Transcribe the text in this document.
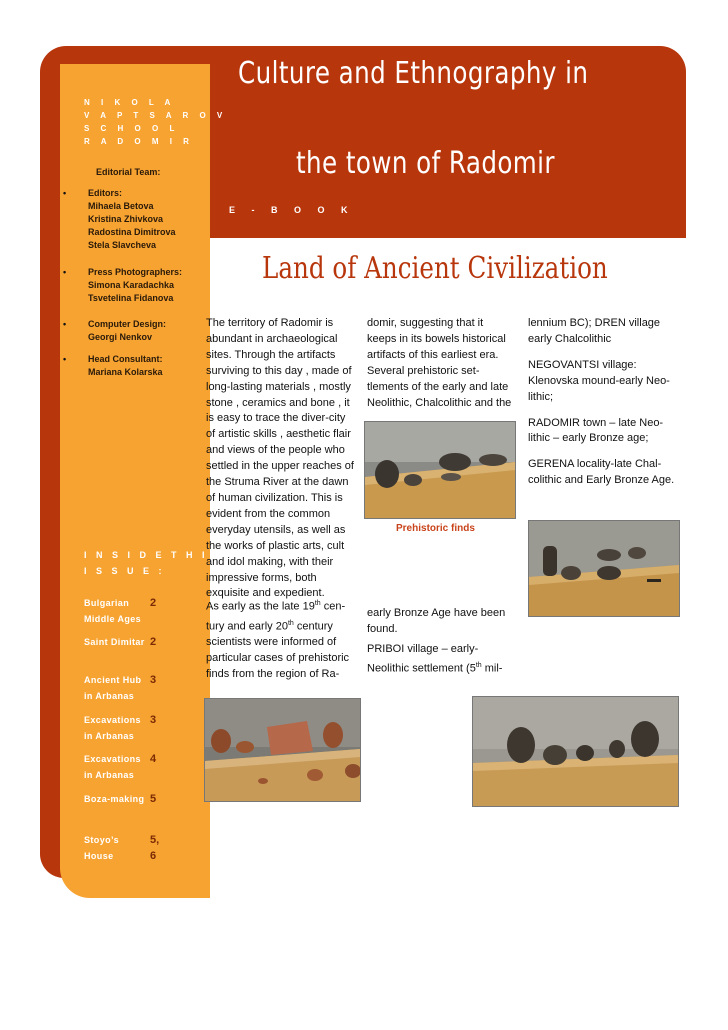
Culture and Ethnography in
the town of Radomir
E - B O O K
N I K O L A
V A P T S A R O V
S C H O O L
R A D O M I R
Editorial Team:
• Editors:
Mihaela Betova
Kristina Zhivkova
Radostina Dimitrova
Stela Slavcheva
• Press Photographers:
Simona Karadachka
Tsvetelina Fidanova
• Computer Design:
Georgi Nenkov
• Head Consultant:
Mariana Kolarska
I N S I D E T H I S
I S S U E :
Bulgarian
Middle Ages
2
Saint Dimitar 2
Ancient Hub
in Arbanas
3
Excavations
in Arbanas
3
Excavations
in Arbanas
4
Boza-making 5
Stoyo’s
House
5,
6
Land of Ancient Civilization

The territory of Radomir is abundant in archaeological sites. Through the artifacts surviving to this day , made of long-lasting materials , mostly stone , ceramics and bone , it is easy to trace the diver-city of artistic skills , aesthetic flair and views of the people who settled in the upper reaches of the Struma River at the dawn of human civilization. This is evident from the common everyday utensils, as well as the works of plastic arts, cult and idol making, with their impressive forms, both exquisite and expedient.

As early as the late 19th cen-tury and early 20th century scientists were informed of particular cases of prehistoric finds from the region of Ra-

domir, suggesting that it keeps in its bowels historical artifacts of this earliest era. Several prehistoric set-tlements of the early and late Neolithic, Chalcolithic and the

early Bronze Age have been found.

PRIBOI village – early-Neolithic settlement (5th mil-

lennium BC); DREN village early Chalcolithic

NEGOVANTSI village: Klenovska mound-early Neo-lithic;

RADOMIR town – late Neo-lithic – early Bronze age;

GERENA locality-late Chal-colithic and Early Bronze Age.

Prehistoric finds
